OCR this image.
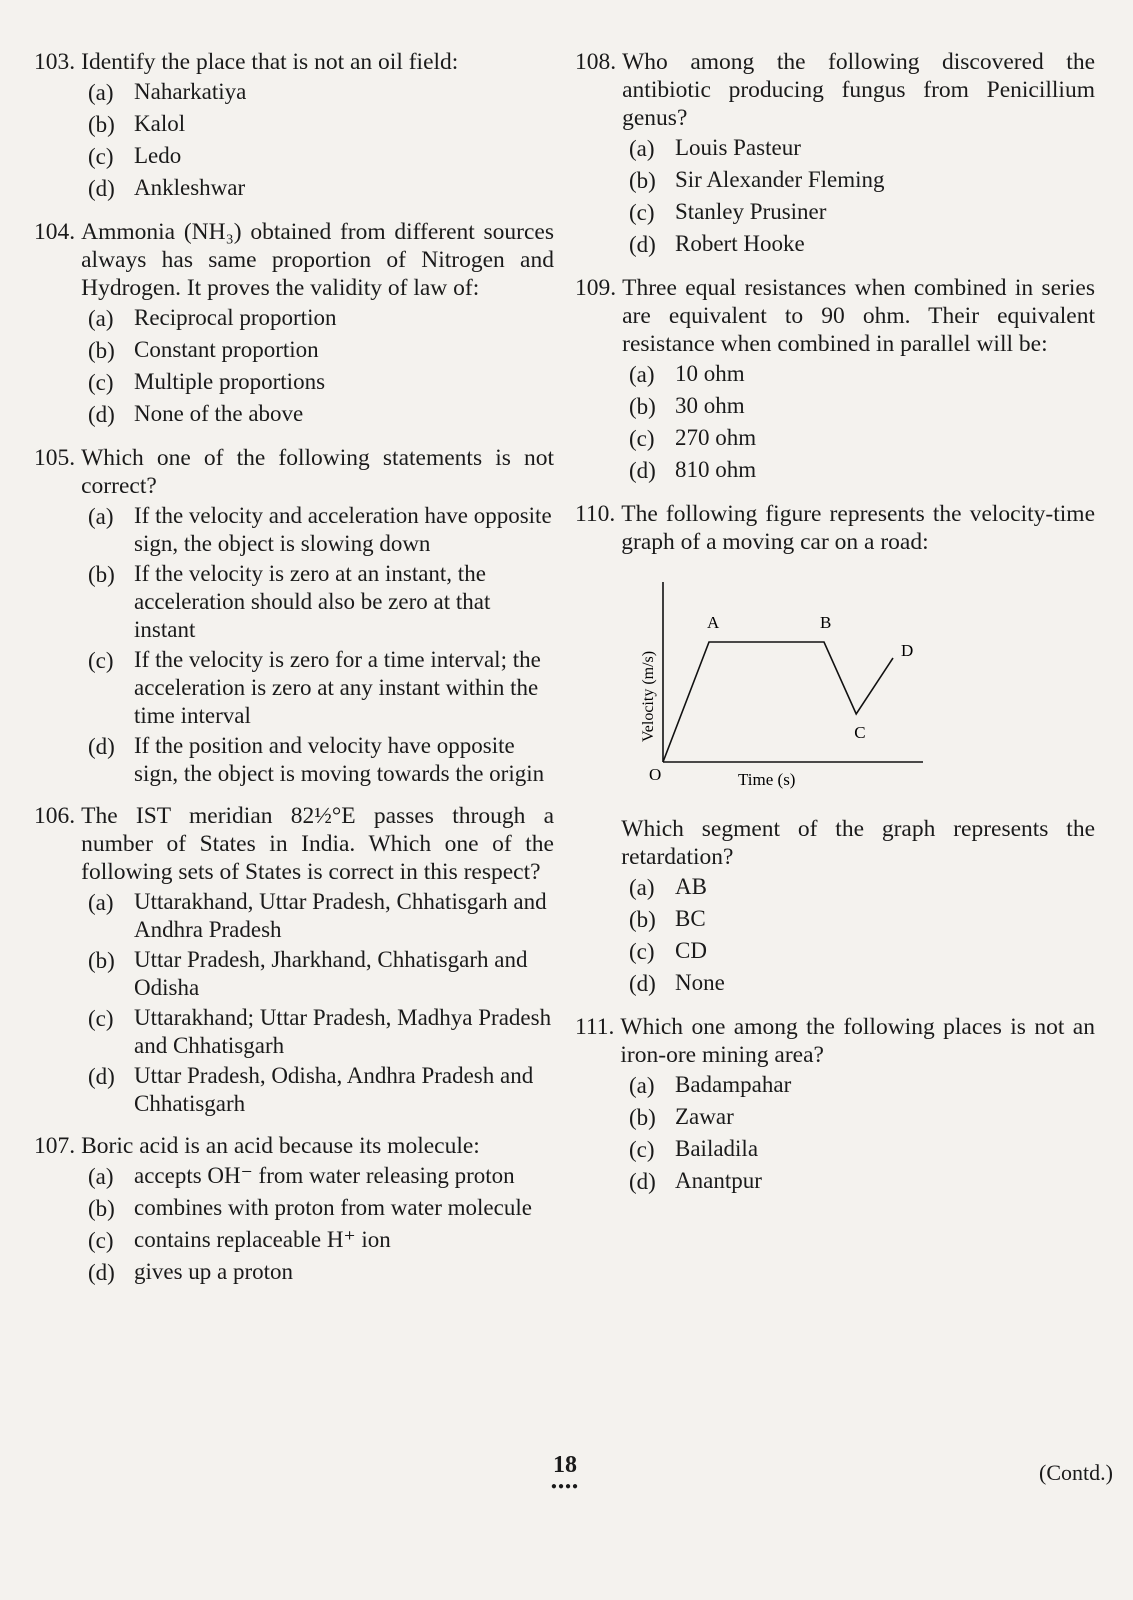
103. Identify the place that is not an oil field:
(a) Naharkatiya
(b) Kalol
(c) Ledo
(d) Ankleshwar
104. Ammonia (NH₃) obtained from different sources always has same proportion of Nitrogen and Hydrogen. It proves the validity of law of:
(a) Reciprocal proportion
(b) Constant proportion
(c) Multiple proportions
(d) None of the above
105. Which one of the following statements is not correct?
(a) If the velocity and acceleration have opposite sign, the object is slowing down
(b) If the velocity is zero at an instant, the acceleration should also be zero at that instant
(c) If the velocity is zero for a time interval; the acceleration is zero at any instant within the time interval
(d) If the position and velocity have opposite sign, the object is moving towards the origin
106. The IST meridian 82½°E passes through a number of States in India. Which one of the following sets of States is correct in this respect?
(a) Uttarakhand, Uttar Pradesh, Chhatisgarh and Andhra Pradesh
(b) Uttar Pradesh, Jharkhand, Chhatisgarh and Odisha
(c) Uttarakhand; Uttar Pradesh, Madhya Pradesh and Chhatisgarh
(d) Uttar Pradesh, Odisha, Andhra Pradesh and Chhatisgarh
107. Boric acid is an acid because its molecule:
(a) accepts OH⁻ from water releasing proton
(b) combines with proton from water molecule
(c) contains replaceable H⁺ ion
(d) gives up a proton
108. Who among the following discovered the antibiotic producing fungus from Penicillium genus?
(a) Louis Pasteur
(b) Sir Alexander Fleming
(c) Stanley Prusiner
(d) Robert Hooke
109. Three equal resistances when combined in series are equivalent to 90 ohm. Their equivalent resistance when combined in parallel will be:
(a) 10 ohm
(b) 30 ohm
(c) 270 ohm
(d) 810 ohm
110. The following figure represents the velocity-time graph of a moving car on a road:
A	B
C
D
O	Time (s)
Velocity (m/s)
Which segment of the graph represents the retardation?
(a) AB
(b) BC
(c) CD
(d) None
111. Which one among the following places is not an iron-ore mining area?
(a) Badampahar
(b) Zawar
(c) Bailadila
(d) Anantpur
18
●●●●
(Contd.)
